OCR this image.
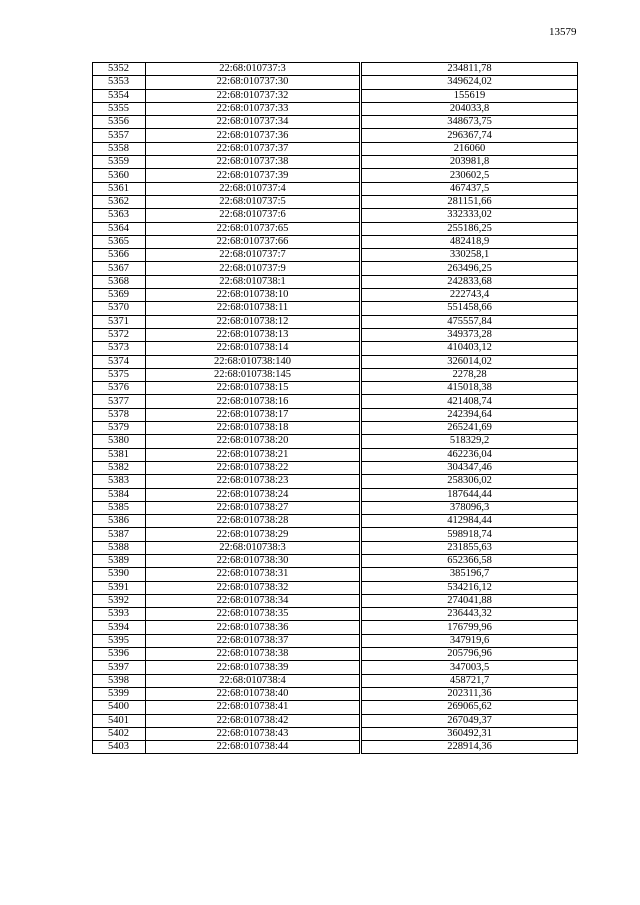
13579
5352	22:68:010737:3	234811,78
5353	22:68:010737:30	349624,02
5354	22:68:010737:32	155619
5355	22:68:010737:33	204033,8
5356	22:68:010737:34	348673,75
5357	22:68:010737:36	296367,74
5358	22:68:010737:37	216060
5359	22:68:010737:38	203981,8
5360	22:68:010737:39	230602,5
5361	22:68:010737:4	467437,5
5362	22:68:010737:5	281151,66
5363	22:68:010737:6	332333,02
5364	22:68:010737:65	255186,25
5365	22:68:010737:66	482418,9
5366	22:68:010737:7	330258,1
5367	22:68:010737:9	263496,25
5368	22:68:010738:1	242833,68
5369	22:68:010738:10	222743,4
5370	22:68:010738:11	551458,66
5371	22:68:010738:12	475557,84
5372	22:68:010738:13	349373,28
5373	22:68:010738:14	410403,12
5374	22:68:010738:140	326014,02
5375	22:68:010738:145	2278,28
5376	22:68:010738:15	415018,38
5377	22:68:010738:16	421408,74
5378	22:68:010738:17	242394,64
5379	22:68:010738:18	265241,69
5380	22:68:010738:20	518329,2
5381	22:68:010738:21	462236,04
5382	22:68:010738:22	304347,46
5383	22:68:010738:23	258306,02
5384	22:68:010738:24	187644,44
5385	22:68:010738:27	378096,3
5386	22:68:010738:28	412984,44
5387	22:68:010738:29	598918,74
5388	22:68:010738:3	231855,63
5389	22:68:010738:30	652366,58
5390	22:68:010738:31	385196,7
5391	22:68:010738:32	534216,12
5392	22:68:010738:34	274041,88
5393	22:68:010738:35	236443,32
5394	22:68:010738:36	176799,96
5395	22:68:010738:37	347919,6
5396	22:68:010738:38	205796,96
5397	22:68:010738:39	347003,5
5398	22:68:010738:4	458721,7
5399	22:68:010738:40	202311,36
5400	22:68:010738:41	269065,62
5401	22:68:010738:42	267049,37
5402	22:68:010738:43	360492,31
5403	22:68:010738:44	228914,36
